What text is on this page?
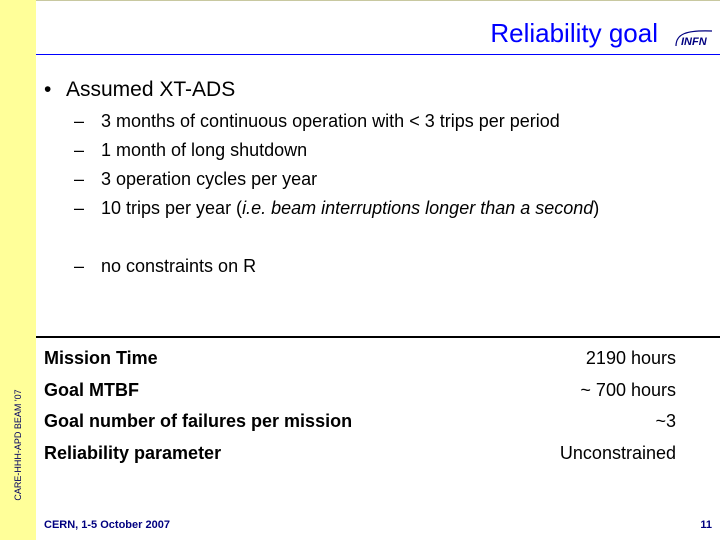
CARE-HHH-APD BEAM '07
Reliability goal INFN
• Assumed XT-ADS
– 3 months of continuous operation with < 3 trips per period
– 1 month of long shutdown
– 3 operation cycles per year
– 10 trips per year (i.e. beam interruptions longer than a second)
– no constraints on R
Mission Time	2190 hours
Goal MTBF	~ 700 hours
Goal number of failures per mission	~3
Reliability parameter	Unconstrained
CERN, 1-5 October 2007	11
